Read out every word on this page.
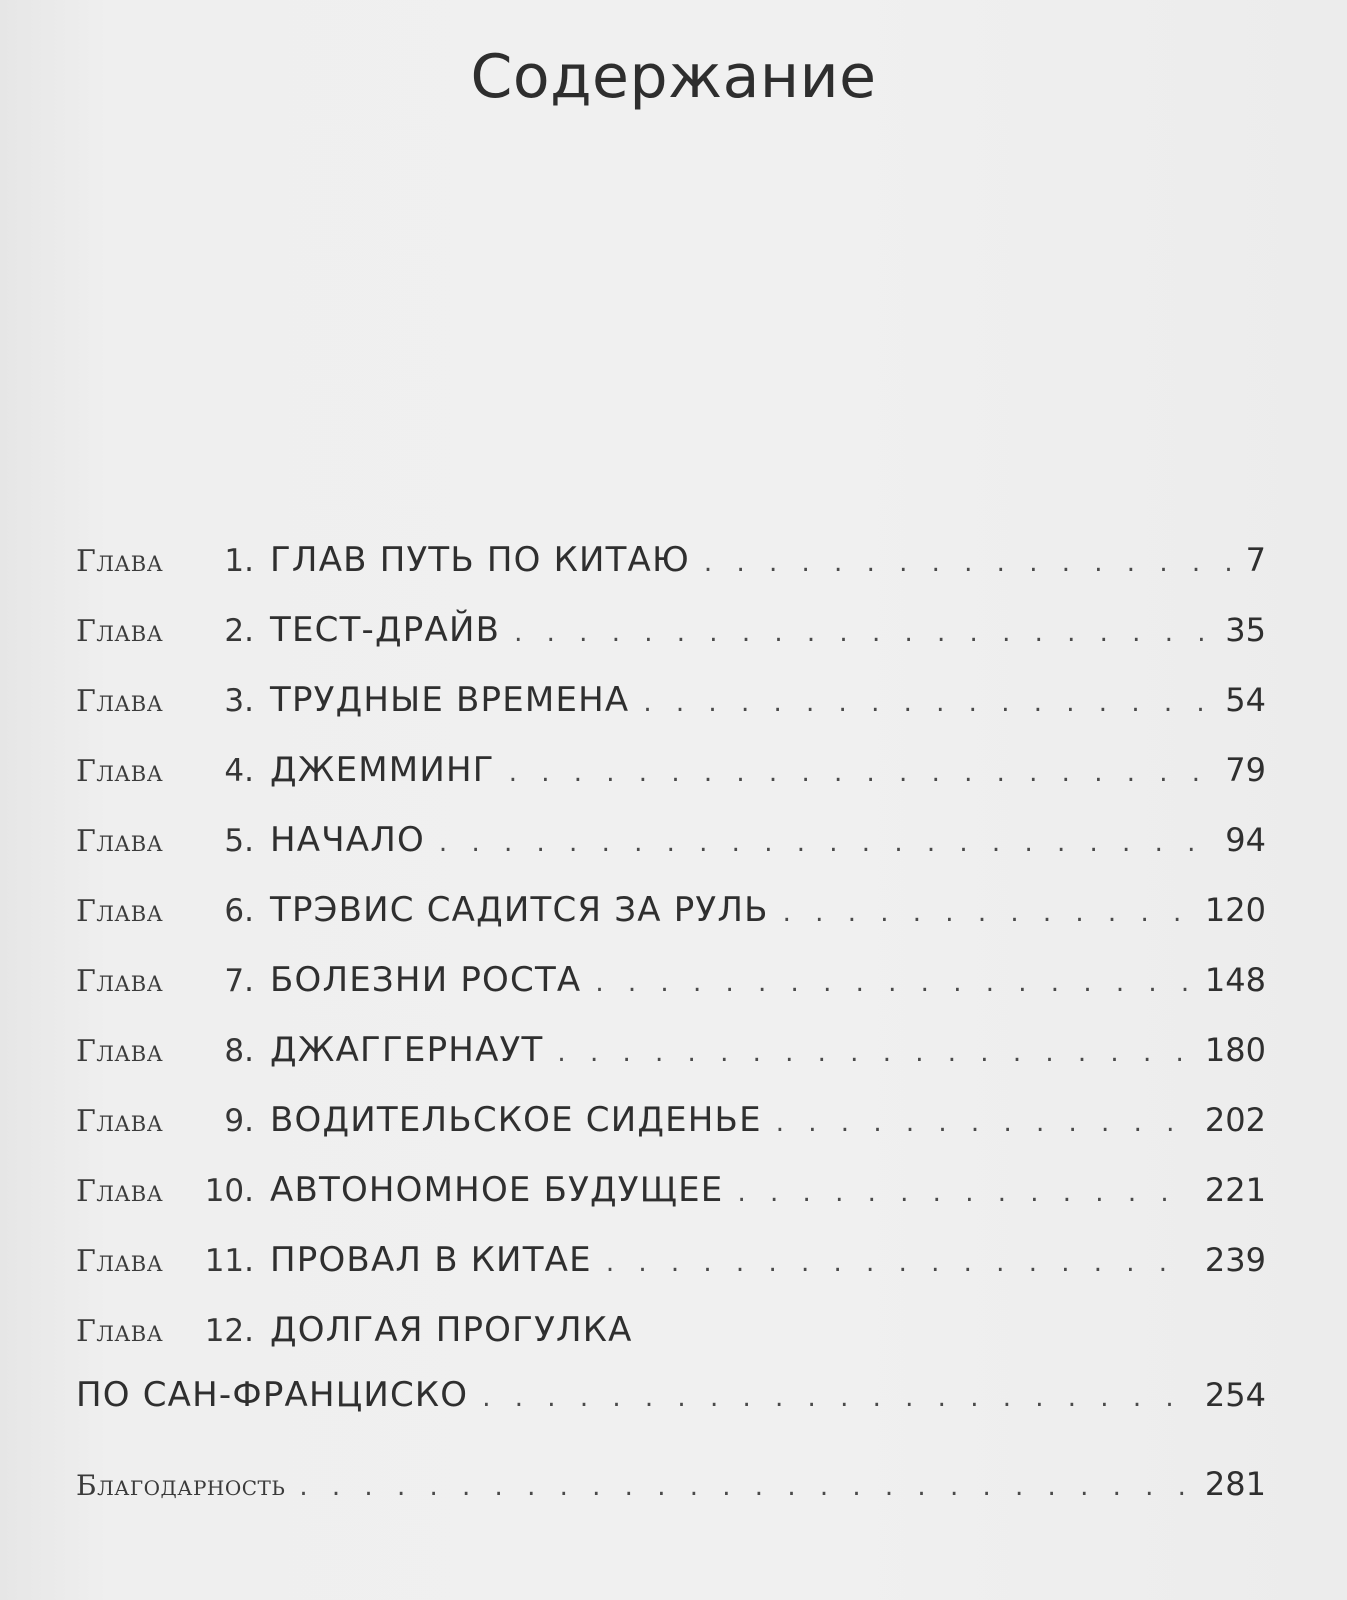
Содержание
Глава	1. ГЛАВ ПУТЬ ПО КИТАЮ . . .	7
Глава	2. ТЕСТ-ДРАЙВ . . .	35
Глава	3. ТРУДНЫЕ ВРЕМЕНА . . .	54
Глава	4. ДЖЕММИНГ . . .	79
Глава	5. НАЧАЛО . . .	94
Глава	6. ТРЭВИС САДИТСЯ ЗА РУЛЬ . . .	120
Глава	7. БОЛЕЗНИ РОСТА . . .	148
Глава	8. ДЖАГГЕРНАУТ . . .	180
Глава	9. ВОДИТЕЛЬСКОЕ СИДЕНЬЕ . . .	202
Глава	10. АВТОНОМНОЕ БУДУЩЕЕ . . .	221
Глава	11. ПРОВАЛ В КИТАЕ . . .	239
Глава	12. ДОЛГАЯ ПРОГУЛКА
ПО САН-ФРАНЦИСКО . . .	254
Благодарность . . .	281
